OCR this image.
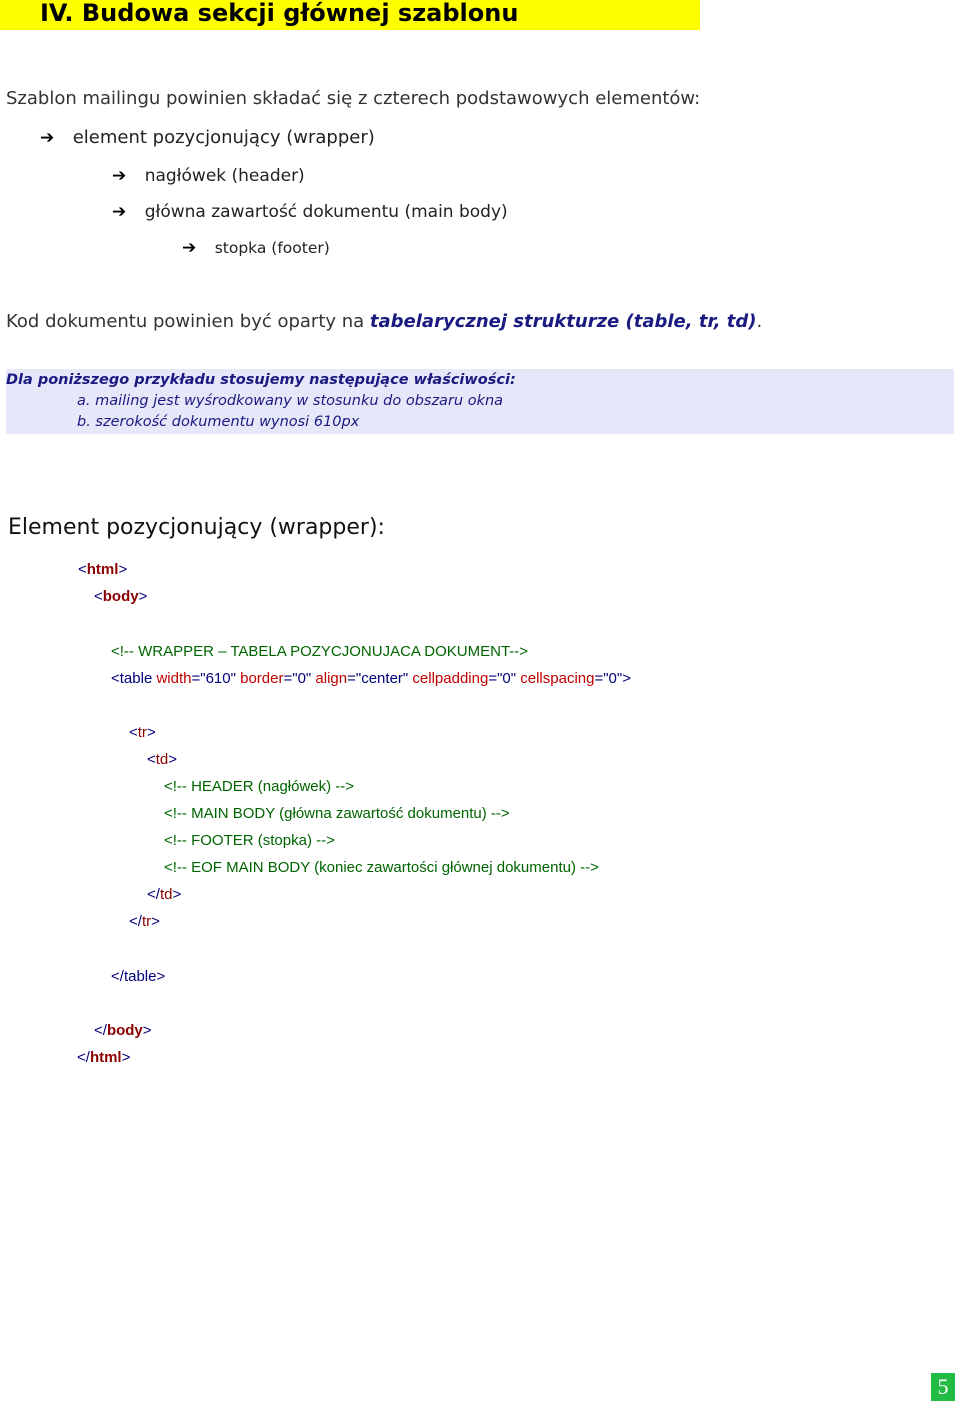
IV. Budowa sekcji głównej szablonu
Szablon mailingu powinien składać się z czterech podstawowych elementów:
➔ element pozycjonujący (wrapper)
➔ nagłówek (header)
➔ główna zawartość dokumentu (main body)
➔ stopka (footer)
Kod dokumentu powinien być oparty na tabelarycznej strukturze (table, tr, td).
Dla poniższego przykładu stosujemy następujące właściwości:
a. mailing jest wyśrodkowany w stosunku do obszaru okna
b. szerokość dokumentu wynosi 610px
Element pozycjonujący (wrapper):
<html>
<body>
<!-- WRAPPER – TABELA POZYCJONUJACA DOKUMENT-->
<table width="610" border="0" align="center" cellpadding="0" cellspacing="0">
<tr>
<td>
<!-- HEADER (nagłówek) -->
<!-- MAIN BODY (główna zawartość dokumentu) -->
<!-- FOOTER (stopka) -->
<!-- EOF MAIN BODY (koniec zawartości głównej dokumentu) -->
</td>
</tr>
</table>
</body>
</html>
5
